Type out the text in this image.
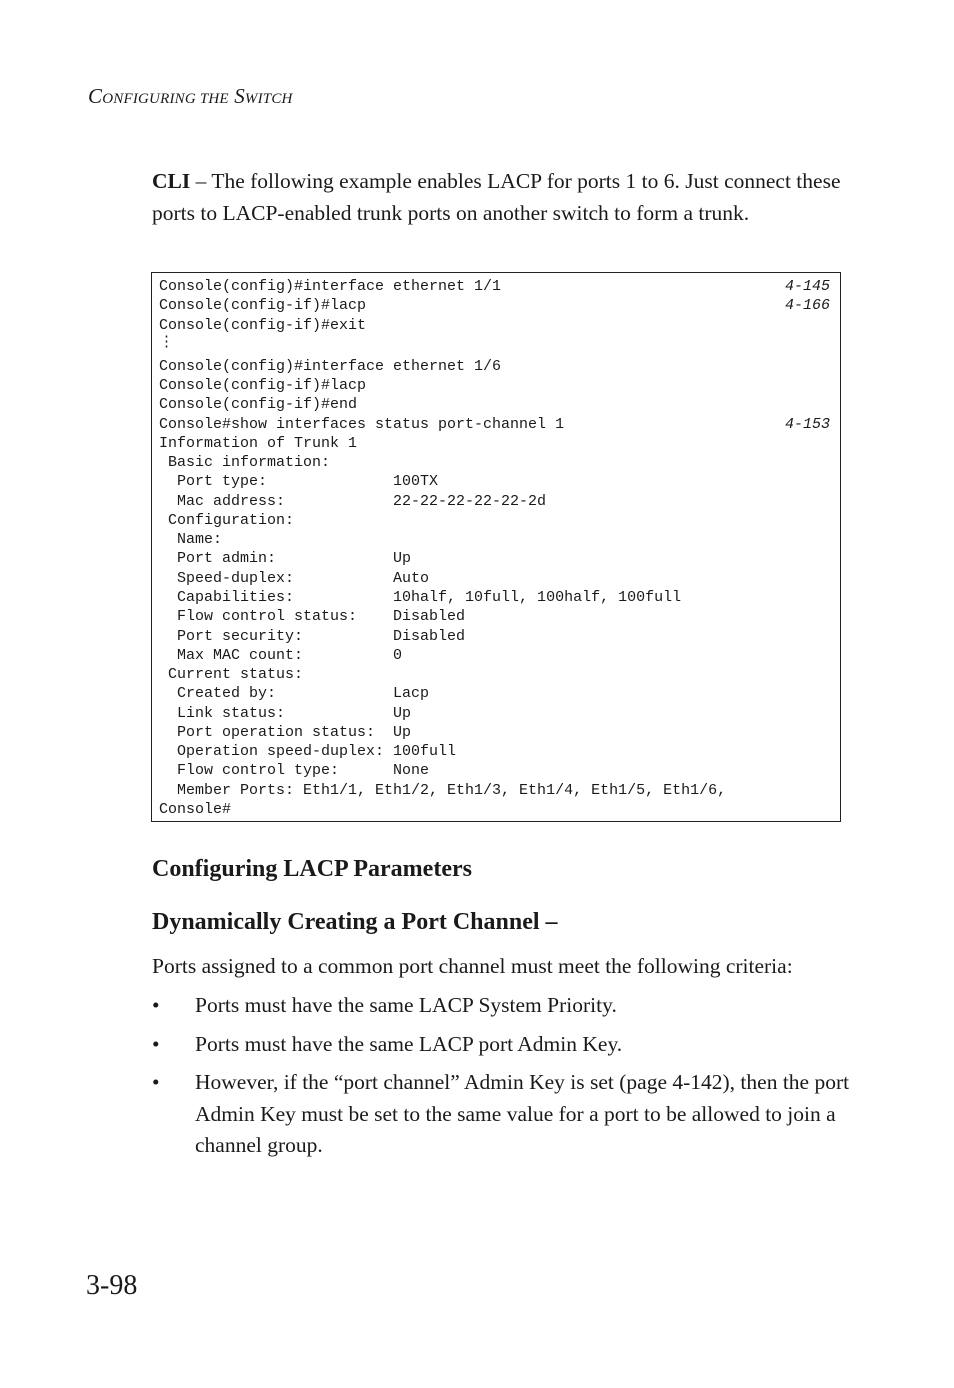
CONFIGURING THE SWITCH
CLI – The following example enables LACP for ports 1 to 6. Just connect these ports to LACP-enabled trunk ports on another switch to form a trunk.
Console(config)#interface ethernet 1/1	4-145
Console(config-if)#lacp	4-166
Console(config-if)#exit
⋮
Console(config)#interface ethernet 1/6
Console(config-if)#lacp
Console(config-if)#end
Console#show interfaces status port-channel 1	4-153
Information of Trunk 1
Basic information:
Port type:              100TX
Mac address:            22-22-22-22-22-2d
Configuration:
Name:
Port admin:             Up
Speed-duplex:           Auto
Capabilities:           10half, 10full, 100half, 100full
Flow control status:    Disabled
Port security:          Disabled
Max MAC count:          0
Current status:
Created by:             Lacp
Link status:            Up
Port operation status:  Up
Operation speed-duplex: 100full
Flow control type:      None
Member Ports: Eth1/1, Eth1/2, Eth1/3, Eth1/4, Eth1/5, Eth1/6,
Console#
Configuring LACP Parameters
Dynamically Creating a Port Channel –
Ports assigned to a common port channel must meet the following criteria:
• Ports must have the same LACP System Priority.
• Ports must have the same LACP port Admin Key.
• However, if the “port channel” Admin Key is set (page 4-142), then the port Admin Key must be set to the same value for a port to be allowed to join a channel group.
3-98
